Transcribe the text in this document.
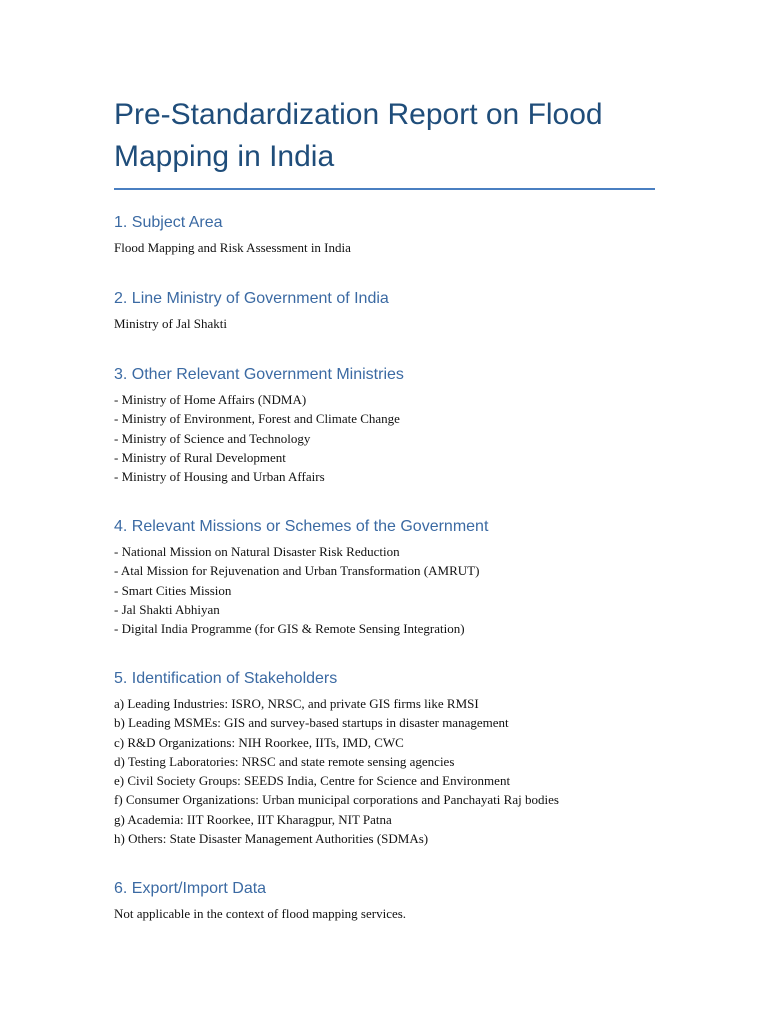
Pre-Standardization Report on Flood Mapping in India
1. Subject Area

Flood Mapping and Risk Assessment in India

2. Line Ministry of Government of India

Ministry of Jal Shakti

3. Other Relevant Government Ministries

- Ministry of Home Affairs (NDMA)

- Ministry of Environment, Forest and Climate Change

- Ministry of Science and Technology

- Ministry of Rural Development

- Ministry of Housing and Urban Affairs

4. Relevant Missions or Schemes of the Government

- National Mission on Natural Disaster Risk Reduction

- Atal Mission for Rejuvenation and Urban Transformation (AMRUT)

- Smart Cities Mission

- Jal Shakti Abhiyan

- Digital India Programme (for GIS & Remote Sensing Integration)

5. Identification of Stakeholders

a) Leading Industries: ISRO, NRSC, and private GIS firms like RMSI

b) Leading MSMEs: GIS and survey-based startups in disaster management

c) R&D Organizations: NIH Roorkee, IITs, IMD, CWC

d) Testing Laboratories: NRSC and state remote sensing agencies

e) Civil Society Groups: SEEDS India, Centre for Science and Environment

f) Consumer Organizations: Urban municipal corporations and Panchayati Raj bodies

g) Academia: IIT Roorkee, IIT Kharagpur, NIT Patna

h) Others: State Disaster Management Authorities (SDMAs)

6. Export/Import Data

Not applicable in the context of flood mapping services.
